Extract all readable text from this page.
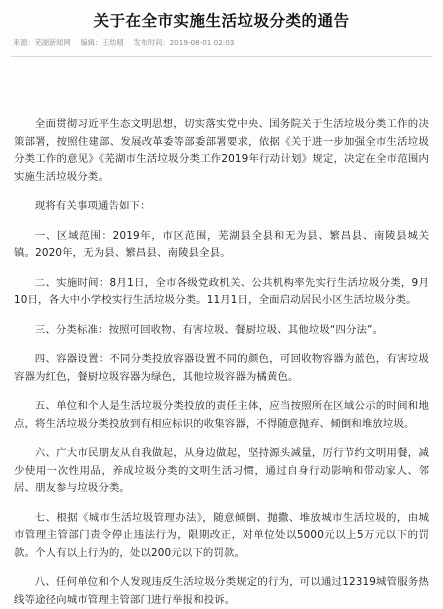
关于在全市实施生活垃圾分类的通告
来源：芜湖新闻网 编辑：王幼晴 发布时间：2019-08-01 02:03

全面贯彻习近平生态文明思想，切实落实党中央、国务院关于生活垃圾分类工作的决策部署，按照住建部、发展改革委等部委部署要求，依据《关于进一步加强全市生活垃圾分类工作的意见》《芜湖市生活垃圾分类工作2019年行动计划》规定，决定在全市范围内实施生活垃圾分类。

现将有关事项通告如下：

一、区域范围：2019年，市区范围，芜湖县全县和无为县、繁昌县、南陵县城关镇。2020年，无为县、繁昌县、南陵县全县。

二、实施时间：8月1日，全市各级党政机关、公共机构率先实行生活垃圾分类，9月10日，各大中小学校实行生活垃圾分类。11月1日，全面启动居民小区生活垃圾分类。

三、分类标准：按照可回收物、有害垃圾、餐厨垃圾、其他垃圾“四分法”。

四、容器设置：不同分类投放容器设置不同的颜色，可回收物容器为蓝色，有害垃圾容器为红色，餐厨垃圾容器为绿色，其他垃圾容器为橘黄色。

五、单位和个人是生活垃圾分类投放的责任主体，应当按照所在区域公示的时间和地点，将生活垃圾分类投放到有相应标识的收集容器，不得随意抛弃、倾倒和堆放垃圾。

六、广大市民朋友从自我做起，从身边做起，坚持源头减量，厉行节约文明用餐，减少使用一次性用品，养成垃圾分类的文明生活习惯，通过自身行动影响和带动家人、邻居、朋友参与垃圾分类。

七、根据《城市生活垃圾管理办法》，随意倾倒、抛撒、堆放城市生活垃圾的，由城市管理主管部门责令停止违法行为，限期改正，对单位处以5000元以上5万元以下的罚款。个人有以上行为的，处以200元以下的罚款。

八、任何单位和个人发现违反生活垃圾分类规定的行为，可以通过12319城管服务热线等途径向城市管理主管部门进行举报和投诉。
